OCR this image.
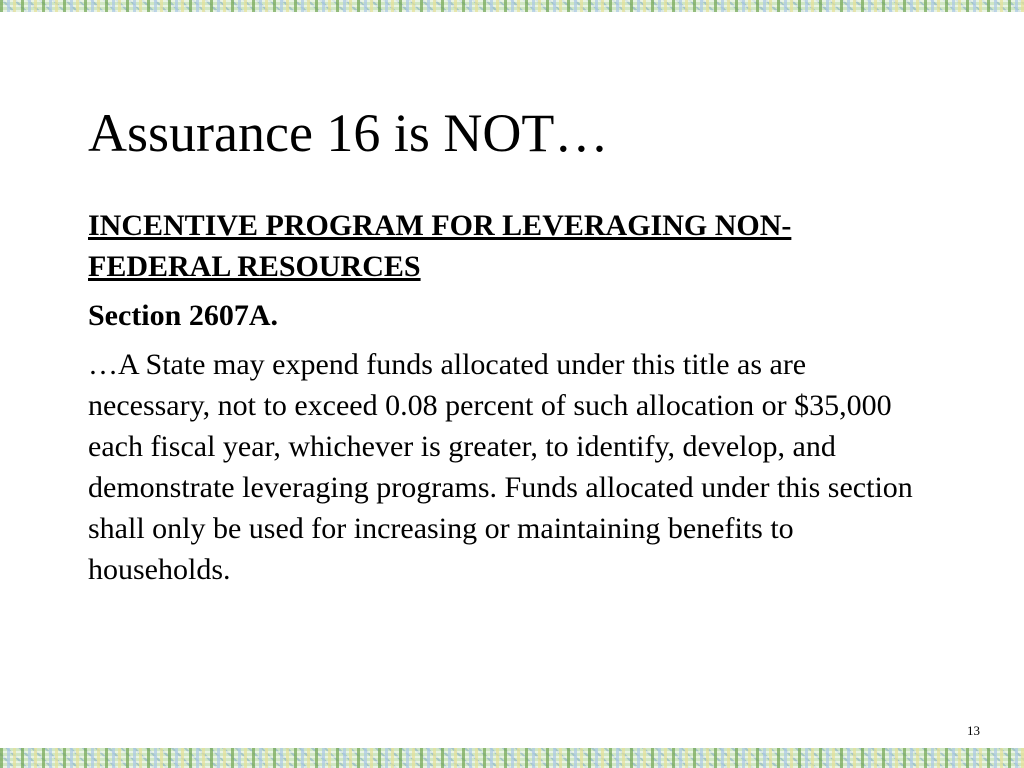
Assurance 16 is NOT…
INCENTIVE PROGRAM FOR LEVERAGING NON-FEDERAL RESOURCES
Section 2607A.

…A State may expend funds allocated under this title as are necessary, not to exceed 0.08 percent of such allocation or $35,000 each fiscal year, whichever is greater, to identify, develop, and demonstrate leveraging programs. Funds allocated under this section shall only be used for increasing or maintaining benefits to households.

13
